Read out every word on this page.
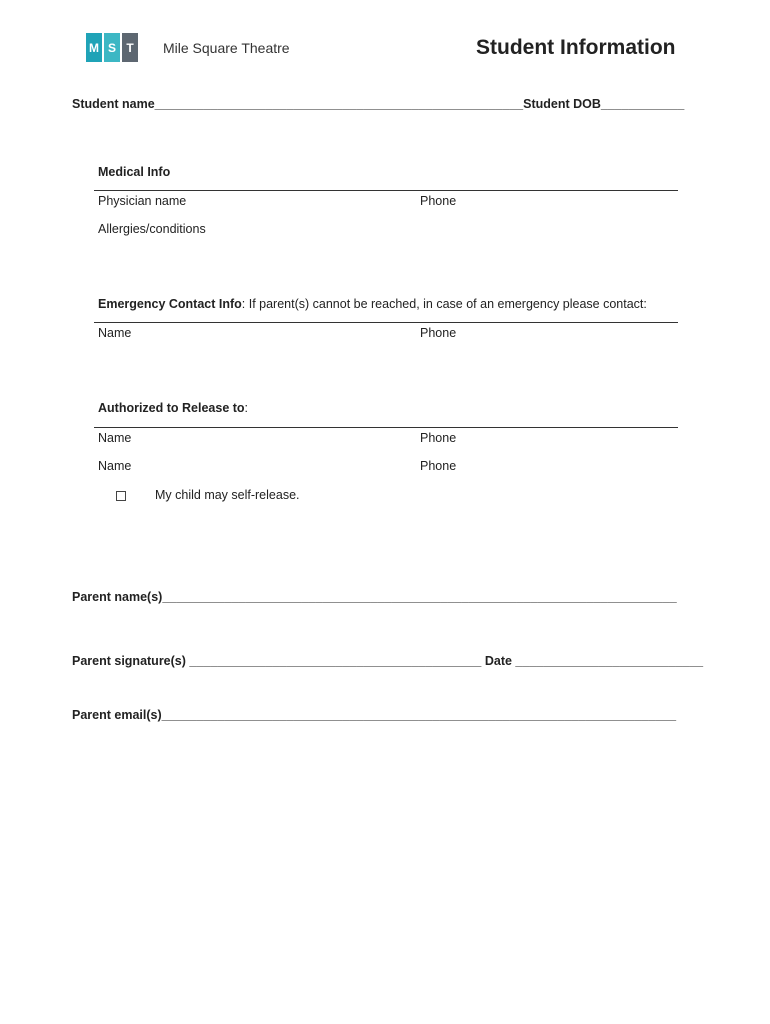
M S T	Mile Square Theatre	Student Information
Student name_____________________________________________________Student DOB____________
Medical Info
Physician name	Phone
Allergies/conditions
Emergency Contact Info: If parent(s) cannot be reached, in case of an emergency please contact:
Name	Phone
Authorized to Release to:
Name	Phone
Name	Phone
My child may self-release.
Parent name(s)__________________________________________________________________________
Parent signature(s) __________________________________________ Date ___________________________
Parent email(s)__________________________________________________________________________
